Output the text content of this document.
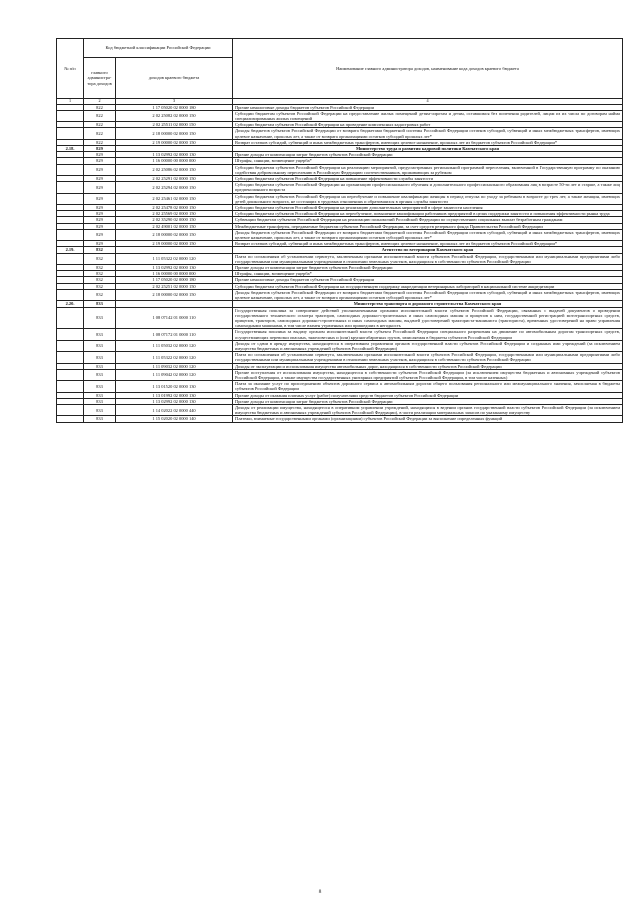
№ п/п	Код бюджетной классификации Российской Федерации		Наименование главного администратора доходов, наименование кода доходов краевого бюджета
	главного администра-тора доходов	доходов краевого бюджета	
1	2	3	4
	822	1 17 05020 02 0000 180	Прочие неналоговые доходы бюджетов субъектов Российской Федерации
	822	2 02 25082 02 0000 150	Субсидии бюджетам субъектов Российской Федерации на предоставление жилых помещений детям-сиротам и детям, оставшимся без попечения родителей, лицам из их числа по договорам найма специализированных жилых помещений
	822	2 02 25511 02 0000 150	Субсидии бюджетам субъектов Российской Федерации на проведение комплексных кадастровых работ
	822	2 18 00000 02 0000 150	Доходы бюджетов субъектов Российской Федерации от возврата бюджетами бюджетной системы Российской Федерации остатков субсидий, субвенций и иных межбюджетных трансфертов, имеющих целевое назначение, прошлых лет, а также от возврата организациями остатков субсидий прошлых лет*
	822	2 19 00000 02 0000 150	Возврат остатков субсидий, субвенций и иных межбюджетных трансфертов, имеющих целевое назначение, прошлых лет из бюджетов субъектов Российской Федерации*
2.18.	829		Министерство труда и развития кадровой политики Камчатского края
	829	1 13 02992 02 0000 130	Прочие доходы от компенсации затрат бюджетов субъектов Российской Федерации
	829	1 16 00000 00 0000 000	Штрафы, санкции, возмещение ущерба*
	829	2 02 25086 02 0000 150	Субсидии бюджетам субъектов Российской Федерации на реализацию мероприятий, предусмотренных региональной программой переселения, включенной в Государственную программу по оказанию содействия добровольному переселению в Российскую Федерацию соотечественников, проживающих за рубежом
	829	2 02 25291 02 0000 150	Субсидии бюджетам субъектов Российской Федерации на повышение эффективности службы занятости
	829	2 02 25294 02 0000 150	Субсидии бюджетам субъектов Российской Федерации на организацию профессионального обучения и дополнительного профессионального образования лиц в возрасте 50-ти лет и старше, а также лиц предпенсионного возраста
	829	2 02 25461 02 0000 150	Субсидии бюджетам субъектов Российской Федерации на переобучение и повышение квалификации женщин в период отпуска по уходу за ребенком в возрасте до трех лет, а также женщин, имеющих детей дошкольного возраста, не состоящих в трудовых отношениях и обратившихся в органы службы занятости
	829	2 02 25478 02 0000 150	Субсидии бюджетам субъектов Российской Федерации на реализацию дополнительных мероприятий в сфере занятости населения
	829	2 02 25569 02 0000 150	Субсидии бюджетам субъектов Российской Федерации на переобучение, повышение квалификации работников предприятий в целях поддержки занятости и повышения эффективности рынка труда
	829	2 02 35290 02 0000 150	Субвенции бюджетам субъектов Российской Федерации на реализацию полномочий Российской Федерации по осуществлению социальных выплат безработным гражданам
	829	2 02 49001 02 0000 150	Межбюджетные трансферты, передаваемые бюджетам субъектов Российской Федерации, за счет средств резервного фонда Правительства Российской Федерации
	829	2 18 00000 02 0000 150	Доходы бюджетов субъектов Российской Федерации от возврата бюджетами бюджетной системы Российской Федерации остатков субсидий, субвенций и иных межбюджетных трансфертов, имеющих целевое назначение, прошлых лет, а также от возврата организациями остатков субсидий прошлых лет*
	829	2 19 00000 02 0000 150	Возврат остатков субсидий, субвенций и иных межбюджетных трансфертов, имеющих целевое назначение, прошлых лет из бюджетов субъектов Российской Федерации*
2.19.	832		Агентство по ветеринарии Камчатского края
	832	1 11 05322 02 0000 120	Плата по соглашениям об установлении сервитута, заключенным органами исполнительной власти субъектов Российской Федерации, государственными или муниципальными предприятиями либо государственными или муниципальными учреждениями в отношении земельных участков, находящихся в собственности субъектов Российской Федерации
	832	1 13 02992 02 0000 130	Прочие доходы от компенсации затрат бюджетов субъектов Российской Федерации
	832	1 16 00000 00 0000 000	Штрафы, санкции, возмещение ущерба*
	832	1 17 05020 02 0000 180	Прочие неналоговые доходы бюджетов субъектов Российской Федерации
	832	2 02 25251 02 0000 150	Субсидии бюджетам субъектов Российской Федерации на государственную поддержку аккредитации ветеринарных лабораторий в национальной системе аккредитации
	832	2 18 00000 02 0000 150	Доходы бюджетов субъектов Российской Федерации от возврата бюджетами бюджетной системы Российской Федерации остатков субсидий, субвенций и иных межбюджетных трансфертов, имеющих целевое назначение, прошлых лет, а также от возврата организациями остатков субсидий прошлых лет*
2.20.	833		Министерство транспорта и дорожного строительства Камчатского края
	833	1 08 07142 01 0000 110	Государственная пошлина за совершение действий уполномоченными органами исполнительной власти субъектов Российской Федерации, связанных с выдачей документов о проведении государственного технического осмотра тракторов, самоходных дорожно-строительных и иных самоходных машин и прицепов к ним, государственной регистрацией мототранспортных средств, прицепов, тракторов, самоходных дорожно-строительных и иных самоходных машин, выдачей удостоверений тракториста-машиниста (тракториста), временных удостоверений на право управления самоходными машинами, в том числе взамен утраченных или пришедших в негодность
	833	1 08 07172 01 0000 110	Государственная пошлина за выдачу органом исполнительной власти субъекта Российской Федерации специального разрешения на движение по автомобильным дорогам транспортных средств, осуществляющих перевозки опасных, тяжеловесных и (или) крупногабаритных грузов, зачисляемая в бюджеты субъектов Российской Федерации
	833	1 11 05032 02 0000 120	Доходы от сдачи в аренду имущества, находящегося в оперативном управлении органов государственной власти субъектов Российской Федерации и созданных ими учреждений (за исключением имущества бюджетных и автономных учреждений субъектов Российской Федерации)
	833	1 11 05322 02 0000 120	Плата по соглашениям об установлении сервитута, заключенным органами исполнительной власти субъектов Российской Федерации, государственными или муниципальными предприятиями либо государственными или муниципальными учреждениями в отношении земельных участков, находящихся в собственности субъектов Российской Федерации
	833	1 11 09032 02 0000 120	Доходы от эксплуатации и использования имущества автомобильных дорог, находящихся в собственности субъектов Российской Федерации
	833	1 11 09042 02 0000 120	Прочие поступления от использования имущества, находящегося в собственности субъектов Российской Федерации (за исключением имущества бюджетных и автономных учреждений субъектов Российской Федерации, а также имущества государственных унитарных предприятий субъектов Российской Федерации, в том числе казенных)
	833	1 13 01520 02 0000 130	Плата за оказание услуг по присоединению объектов дорожного сервиса к автомобильным дорогам общего пользования регионального или межмуниципального значения, зачисляемая в бюджеты субъектов Российской Федерации
	833	1 13 01992 02 0000 130	Прочие доходы от оказания платных услуг (работ) получателями средств бюджетов субъектов Российской Федерации
	833	1 13 02992 02 0000 130	Прочие доходы от компенсации затрат бюджетов субъектов Российской Федерации
	833	1 14 02022 02 0000 440	Доходы от реализации имущества, находящегося в оперативном управлении учреждений, находящихся в ведении органов государственной власти субъектов Российской Федерации (за исключением имущества бюджетных и автономных учреждений субъектов Российской Федерации), в части реализации материальных запасов по указанному имуществу
	833	1 15 02020 02 0000 140	Платежи, взимаемые государственными органами (организациями) субъектов Российской Федерации за выполнение определенных функций
8
